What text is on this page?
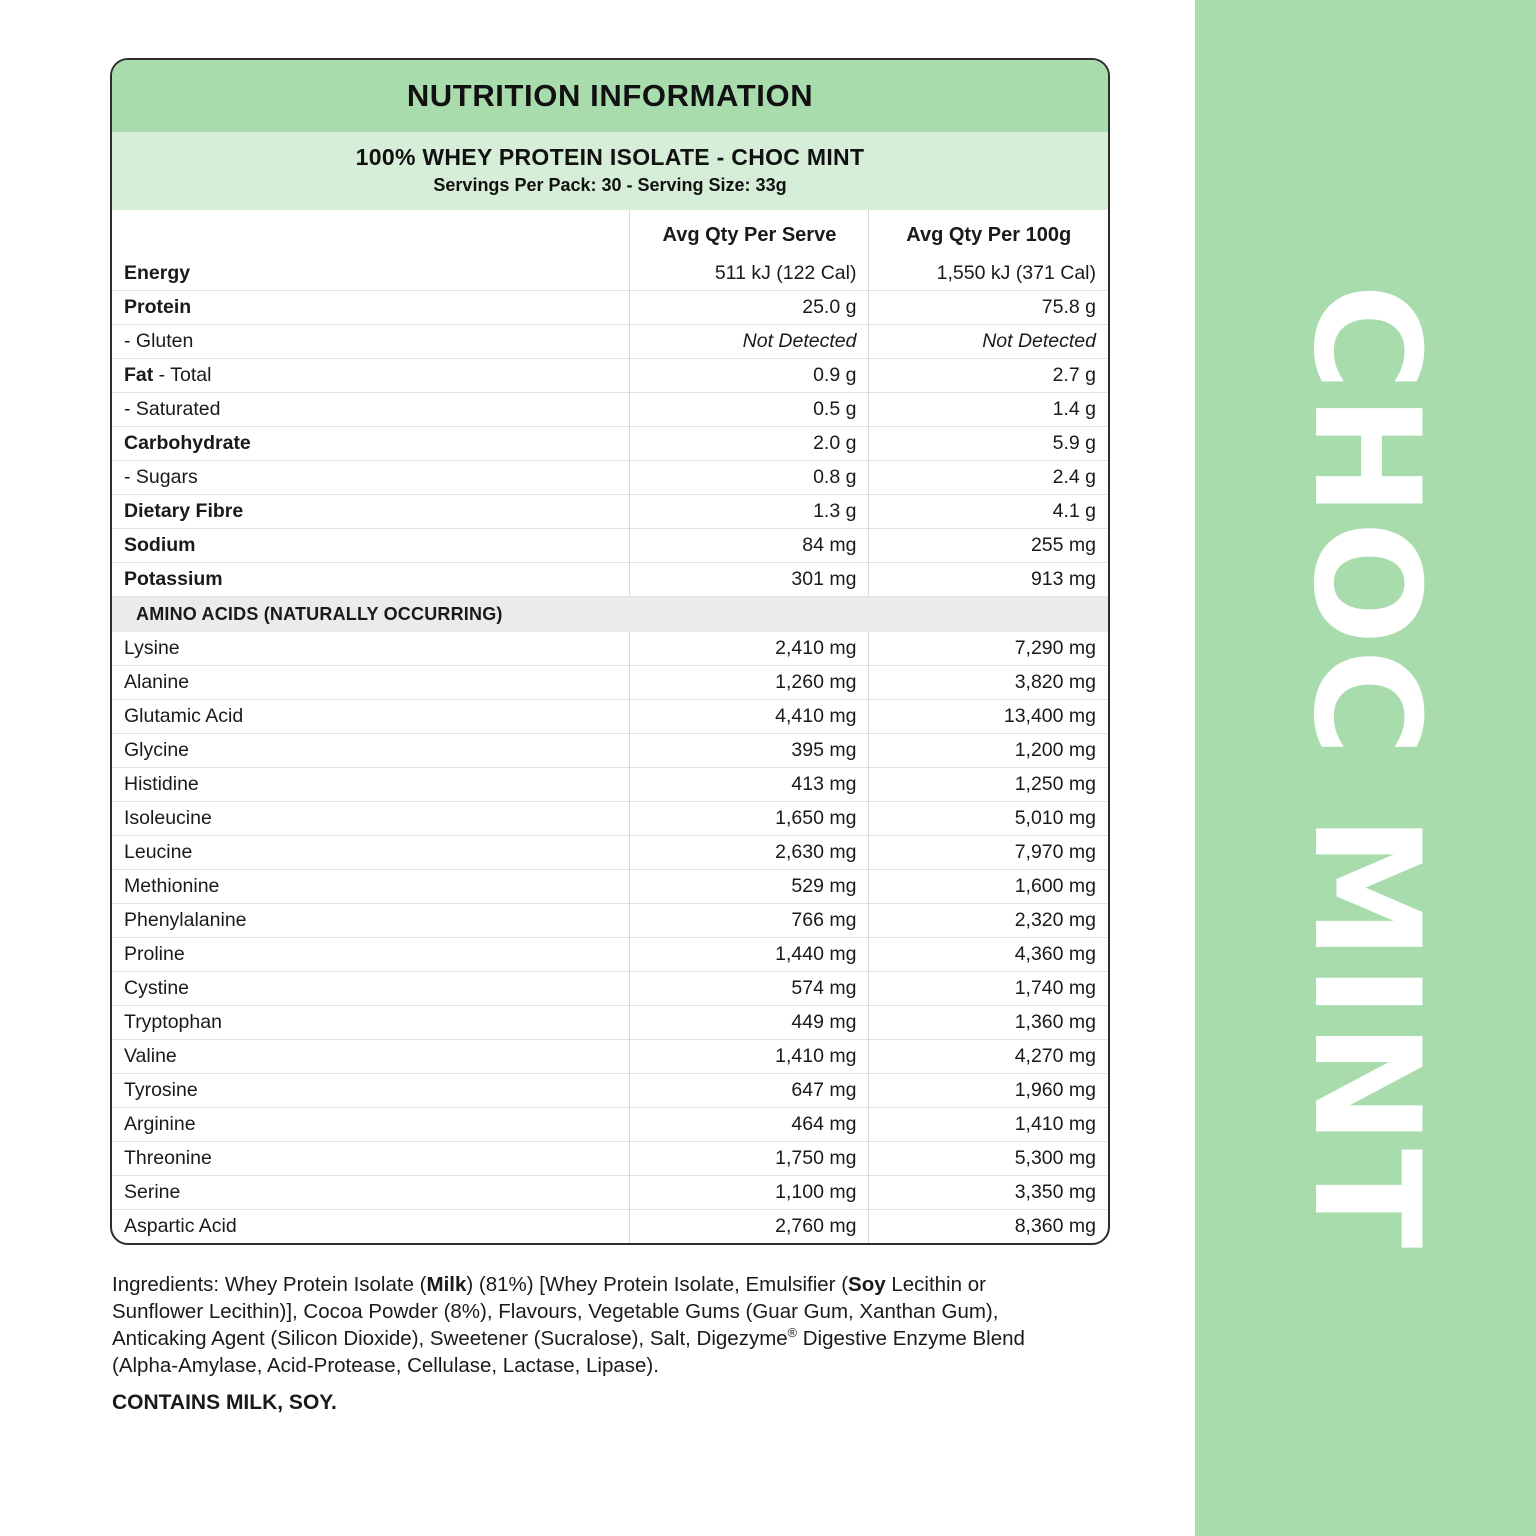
CHOC MINT
NUTRITION INFORMATION
100% WHEY PROTEIN ISOLATE - CHOC MINT
Servings Per Pack: 30 - Serving Size: 33g
	Avg Qty Per Serve	Avg Qty Per 100g
Energy	511 kJ (122 Cal)	1,550 kJ (371 Cal)
Protein	25.0 g	75.8 g
- Gluten	Not Detected	Not Detected
Fat - Total	0.9 g	2.7 g
- Saturated	0.5 g	1.4 g
Carbohydrate	2.0 g	5.9 g
- Sugars	0.8 g	2.4 g
Dietary Fibre	1.3 g	4.1 g
Sodium	84 mg	255 mg
Potassium	301 mg	913 mg
AMINO ACIDS (NATURALLY OCCURRING)		
Lysine	2,410 mg	7,290 mg
Alanine	1,260 mg	3,820 mg
Glutamic Acid	4,410 mg	13,400 mg
Glycine	395 mg	1,200 mg
Histidine	413 mg	1,250 mg
Isoleucine	1,650 mg	5,010 mg
Leucine	2,630 mg	7,970 mg
Methionine	529 mg	1,600 mg
Phenylalanine	766 mg	2,320 mg
Proline	1,440 mg	4,360 mg
Cystine	574 mg	1,740 mg
Tryptophan	449 mg	1,360 mg
Valine	1,410 mg	4,270 mg
Tyrosine	647 mg	1,960 mg
Arginine	464 mg	1,410 mg
Threonine	1,750 mg	5,300 mg
Serine	1,100 mg	3,350 mg
Aspartic Acid	2,760 mg	8,360 mg
Ingredients: Whey Protein Isolate (Milk) (81%) [Whey Protein Isolate, Emulsifier (Soy Lecithin or Sunflower Lecithin)], Cocoa Powder (8%), Flavours, Vegetable Gums (Guar Gum, Xanthan Gum), Anticaking Agent (Silicon Dioxide), Sweetener (Sucralose), Salt, Digezyme® Digestive Enzyme Blend (Alpha-Amylase, Acid-Protease, Cellulase, Lactase, Lipase).
CONTAINS MILK, SOY.
